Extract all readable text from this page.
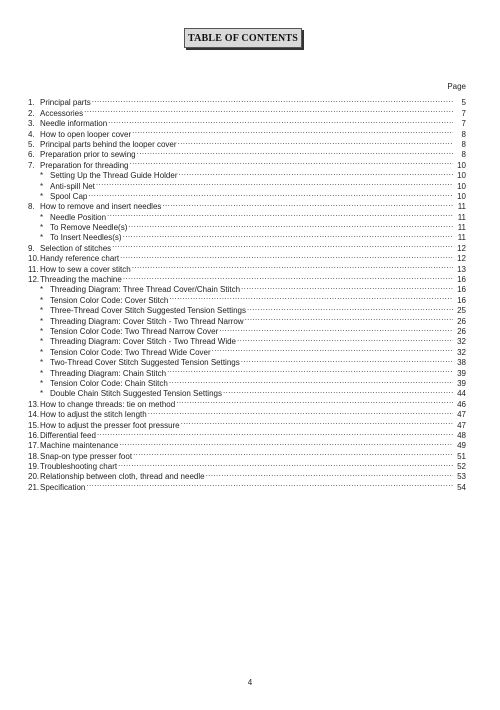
TABLE OF CONTENTS
Page
1. Principal parts .....	5
2. Accessories .....	7
3. Needle information .....	7
4. How to open looper cover .....	8
5. Principal parts behind the looper cover .....	8
6. Preparation prior to sewing .....	8
7. Preparation for threading .....	10
* Setting Up the Thread Guide Holder .....	10
* Anti-spill Net .....	10
* Spool Cap .....	10
8. How to remove and insert needles .....	11
* Needle Position .....	11
* To Remove Needle(s) .....	11
* To Insert Needles(s) .....	11
9. Selection of stitches .....	12
10. Handy reference chart .....	12
11. How to sew a cover stitch .....	13
12. Threading the machine .....	16
* Threading Diagram: Three Thread Cover/Chain Stitch .....	16
* Tension Color Code: Cover Stitch .....	16
* Three-Thread Cover Stitch Suggested Tension Settings .....	25
* Threading Diagram: Cover Stitch - Two Thread Narrow .....	26
* Tension Color Code: Two Thread Narrow Cover .....	26
* Threading Diagram: Cover Stitch - Two Thread Wide .....	32
* Tension Color Code: Two Thread Wide Cover .....	32
* Two-Thread Cover Stitch Suggested Tension Settings .....	38
* Threading Diagram: Chain Stitch .....	39
* Tension Color Code: Chain Stitch .....	39
* Double Chain Stitch Suggested Tension Settings .....	44
13. How to change threads: tie on method .....	46
14. How to adjust the stitch length .....	47
15. How to adjust the presser foot pressure .....	47
16. Differential feed .....	48
17. Machine maintenance .....	49
18. Snap-on type presser foot .....	51
19. Troubleshooting chart .....	52
20. Relationship between cloth, thread and needle .....	53
21. Specification .....	54
4
